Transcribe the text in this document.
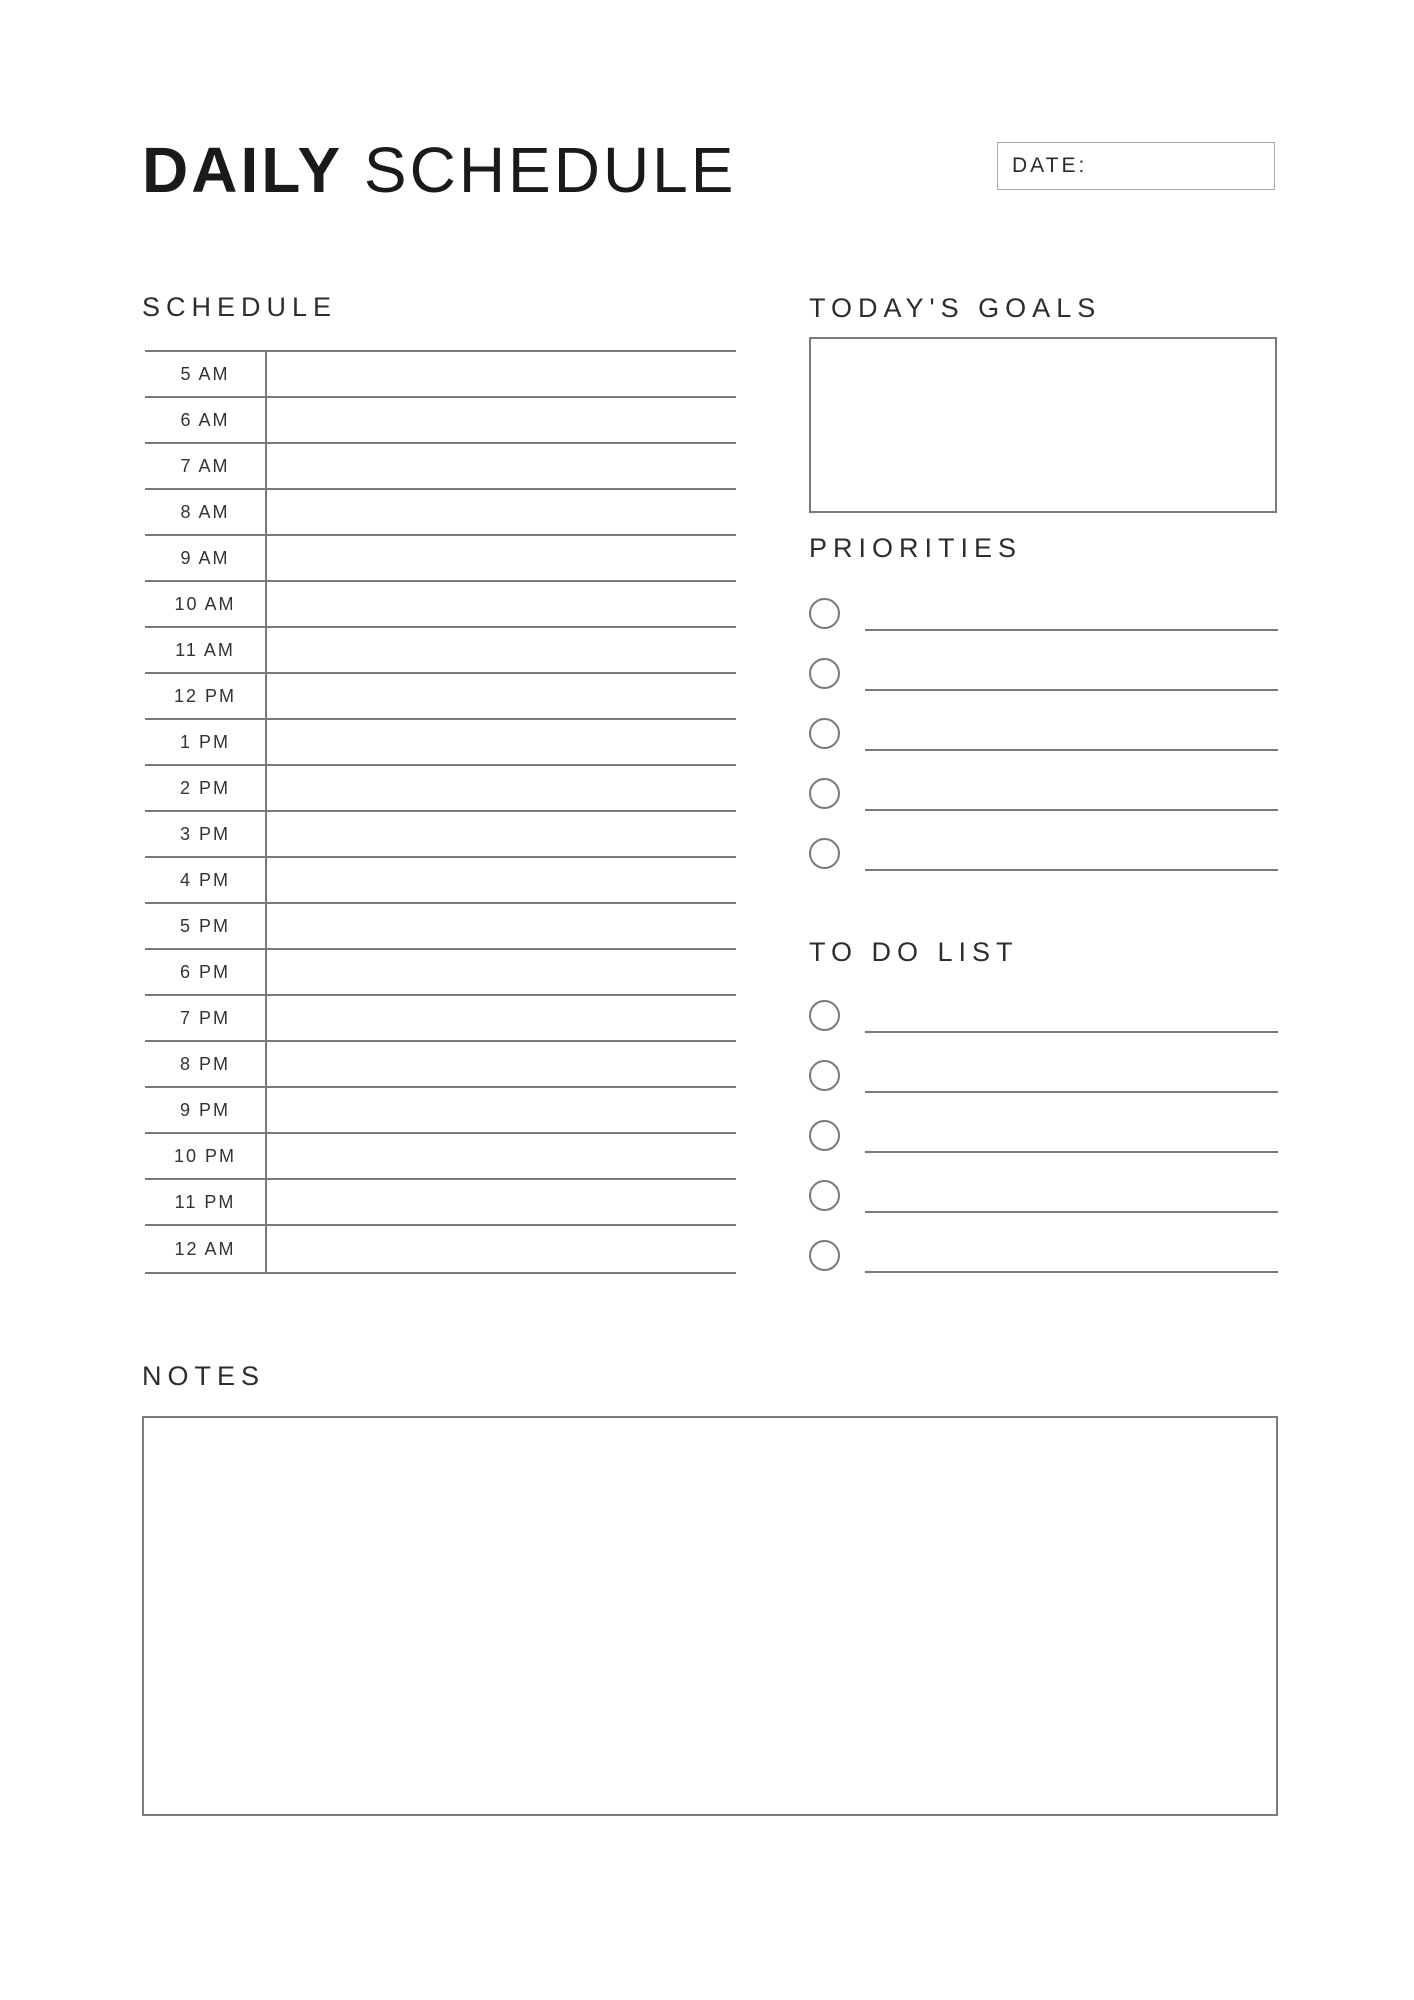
DAILY SCHEDULE	DATE:
SCHEDULE
5 AM
6 AM
7 AM
8 AM
9 AM
10 AM
11 AM
12 PM
1 PM
2 PM
3 PM
4 PM
5 PM
6 PM
7 PM
8 PM
9 PM
10 PM
11 PM
12 AM
TODAY'S GOALS
PRIORITIES
TO DO LIST
NOTES
